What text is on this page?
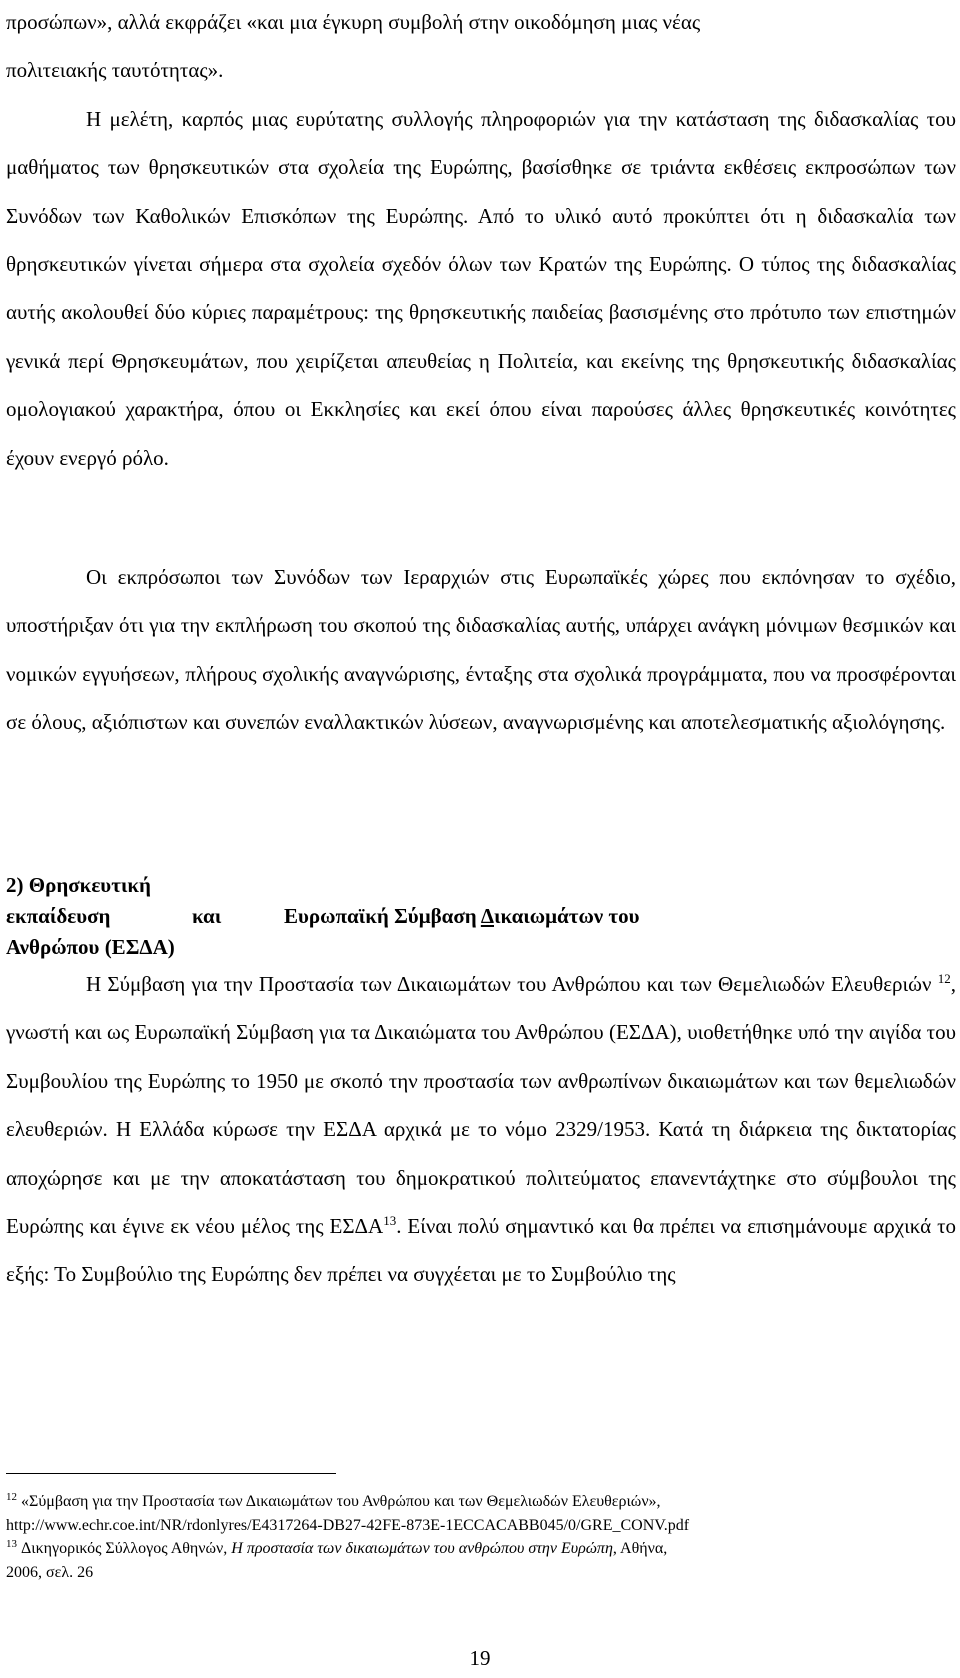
προσώπων», αλλά εκφράζει «και μια έγκυρη συμβολή στην οικοδόμηση μιας νέας
πολιτειακής ταυτότητας».

Η μελέτη, καρπός μιας ευρύτατης συλλογής πληροφοριών για την κατάσταση της διδασκαλίας του μαθήματος των θρησκευτικών στα σχολεία της Ευρώπης, βασίσθηκε σε τριάντα εκθέσεις εκπροσώπων των Συνόδων των Καθολικών Επισκόπων της Ευρώπης. Από το υλικό αυτό προκύπτει ότι η διδασκαλία των θρησκευτικών γίνεται σήμερα στα σχολεία σχεδόν όλων των Κρατών της Ευρώπης. Ο τύπος της διδασκαλίας αυτής ακολουθεί δύο κύριες παραμέτρους: της θρησκευτικής παιδείας βασισμένης στο πρότυπο των επιστημών γενικά περί Θρησκευμάτων, που χειρίζεται απευθείας η Πολιτεία, και εκείνης της θρησκευτικής διδασκαλίας ομολογιακού χαρακτήρα, όπου οι Εκκλησίες και εκεί όπου είναι παρούσες άλλες θρησκευτικές κοινότητες έχουν ενεργό ρόλο.

Οι εκπρόσωποι των Συνόδων των Ιεραρχιών στις Ευρωπαϊκές χώρες που εκπόνησαν το σχέδιο, υποστήριξαν ότι για την εκπλήρωση του σκοπού της διδασκαλίας αυτής, υπάρχει ανάγκη μόνιμων θεσμικών και νομικών εγγυήσεων, πλήρους σχολικής αναγνώρισης, ένταξης στα σχολικά προγράμματα, που να προσφέρονται σε όλους, αξιόπιστων και συνεπών εναλλακτικών λύσεων, αναγνωρισμένης και αποτελεσματικής αξιολόγησης.

2) Θρησκευτική εκπαίδευση	και	Ευρωπαϊκή Σύμβαση Δικαιωμάτων του
Ανθρώπου (ΕΣΔΑ)

Η Σύμβαση για την Προστασία των Δικαιωμάτων του Ανθρώπου και των Θεμελιωδών Ελευθεριών $^{12}$, γνωστή και ως Ευρωπαϊκή Σύμβαση για τα Δικαιώματα του Ανθρώπου (ΕΣΔΑ), υιοθετήθηκε υπό την αιγίδα του Συμβουλίου της Ευρώπης το 1950 με σκοπό την προστασία των ανθρωπίνων δικαιωμάτων και των θεμελιωδών ελευθεριών. Η Ελλάδα κύρωσε την ΕΣΔΑ αρχικά με το νόμο 2329/1953. Κατά τη διάρκεια της δικτατορίας αποχώρησε και με την αποκατάσταση του δημοκρατικού πολιτεύματος επανεντάχτηκε στο σύμβουλοι της Ευρώπης και έγινε εκ νέου μέλος της ΕΣΔΑ$^{13}$. Είναι πολύ σημαντικό και θα πρέπει να επισημάνουμε αρχικά το εξής: Το Συμβούλιο της Ευρώπης δεν πρέπει να συγχέεται με το Συμβούλιο της

$^{12}$ «Σύμβαση για την Προστασία των Δικαιωμάτων του Ανθρώπου και των Θεμελιωδών Ελευθεριών»,
http://www.echr.coe.int/NR/rdonlyres/E4317264-DB27-42FE-873E-1ECCACABB045/0/GRE_CONV.pdf

$^{13}$ Δικηγορικός Σύλλογος Αθηνών, Η προστασία των δικαιωμάτων του ανθρώπου στην Ευρώπη, Αθήνα,
2006, σελ. 26

19
